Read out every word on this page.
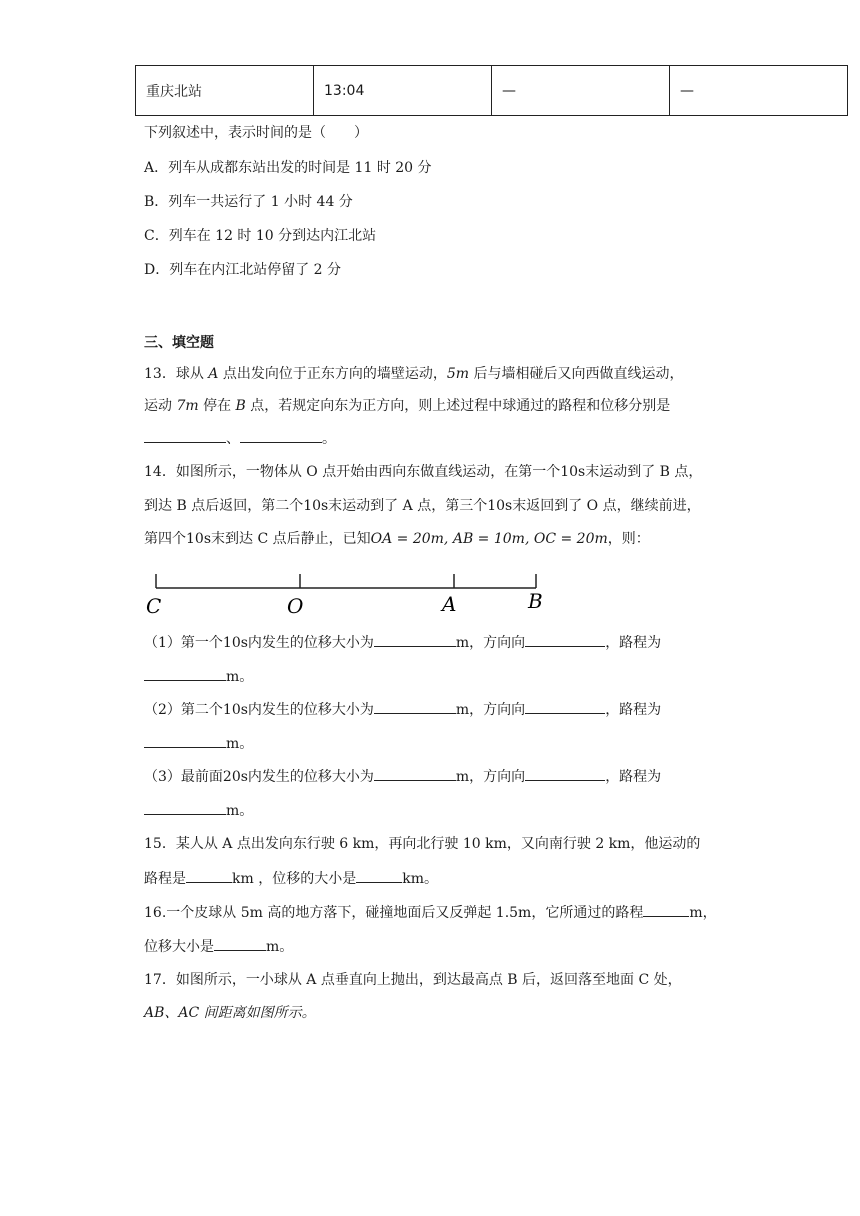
重庆北站	13:04	—	—
下列叙述中，表示时间的是（　　）
A．列车从成都东站出发的时间是 11 时 20 分
B．列车一共运行了 1 小时 44 分
C．列车在 12 时 10 分到达内江北站
D．列车在内江北站停留了 2 分
三、填空题
13．球从 A 点出发向位于正东方向的墙壁运动，5m 后与墙相碰后又向西做直线运动，
运动 7m 停在 B 点，若规定向东为正方向，则上述过程中球通过的路程和位移分别是
、	。
14．如图所示，一物体从 O 点开始由西向东做直线运动，在第一个10s末运动到了 B 点，
到达 B 点后返回，第二个10s末运动到了 A 点，第三个10s末返回到了 O 点，继续前进，
第四个10s末到达 C 点后静止，已知OA = 20m, AB = 10m, OC = 20m，则：
C	O	A	B
（1）第一个10s内发生的位移大小为	m，方向向	，路程为
m。
（2）第二个10s内发生的位移大小为	m，方向向	，路程为
m。
（3）最前面20s内发生的位移大小为	m，方向向	，路程为
m。
15．某人从 A 点出发向东行驶 6 km，再向北行驶 10 km，又向南行驶 2 km，他运动的
路程是	km ，位移的大小是	km。
16.一个皮球从 5m 高的地方落下，碰撞地面后又反弹起 1.5m，它所通过的路程	m，
位移大小是	m。
17．如图所示，一小球从 A 点垂直向上抛出，到达最高点 B 后，返回落至地面 C 处，
AB、AC 间距离如图所示。
